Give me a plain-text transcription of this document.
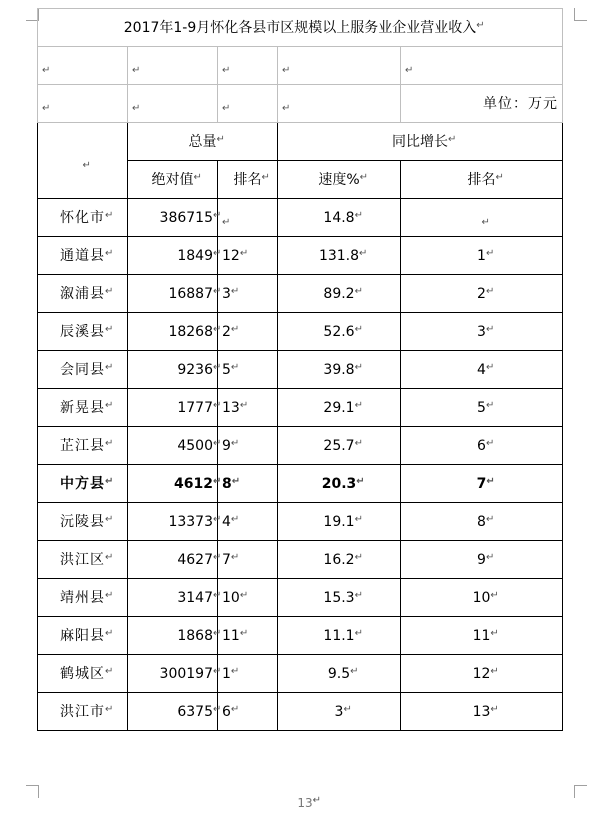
2017年1-9月怀化各县市区规模以上服务业企业营业收入 ↵				

↵	↵	↵	↵	↵

↵	↵	↵	↵	单位：万元

↵	总量 ↵		同比增长 ↵	

	绝对值 ↵	排名 ↵	速度% ↵	排名 ↵

怀化市 ↵	386715 ↵	↵	14.8 ↵	↵

通道县 ↵	1849 ↵	12 ↵	131.8 ↵	1 ↵

溆浦县 ↵	16887 ↵	3 ↵	89.2 ↵	2 ↵

辰溪县 ↵	18268 ↵	2 ↵	52.6 ↵	3 ↵

会同县 ↵	9236 ↵	5 ↵	39.8 ↵	4 ↵

新晃县 ↵	1777 ↵	13 ↵	29.1 ↵	5 ↵

芷江县 ↵	4500 ↵	9 ↵	25.7 ↵	6 ↵

中方县 ↵	4612 ↵	8 ↵	20.3 ↵	7 ↵

沅陵县 ↵	13373 ↵	4 ↵	19.1 ↵	8 ↵

洪江区 ↵	4627 ↵	7 ↵	16.2 ↵	9 ↵

靖州县 ↵	3147 ↵	10 ↵	15.3 ↵	10 ↵

麻阳县 ↵	1868 ↵	11 ↵	11.1 ↵	11 ↵

鹤城区 ↵	300197 ↵	1 ↵	9.5 ↵	12 ↵

洪江市 ↵	6375 ↵	6 ↵	3 ↵	13 ↵
13 ↵
